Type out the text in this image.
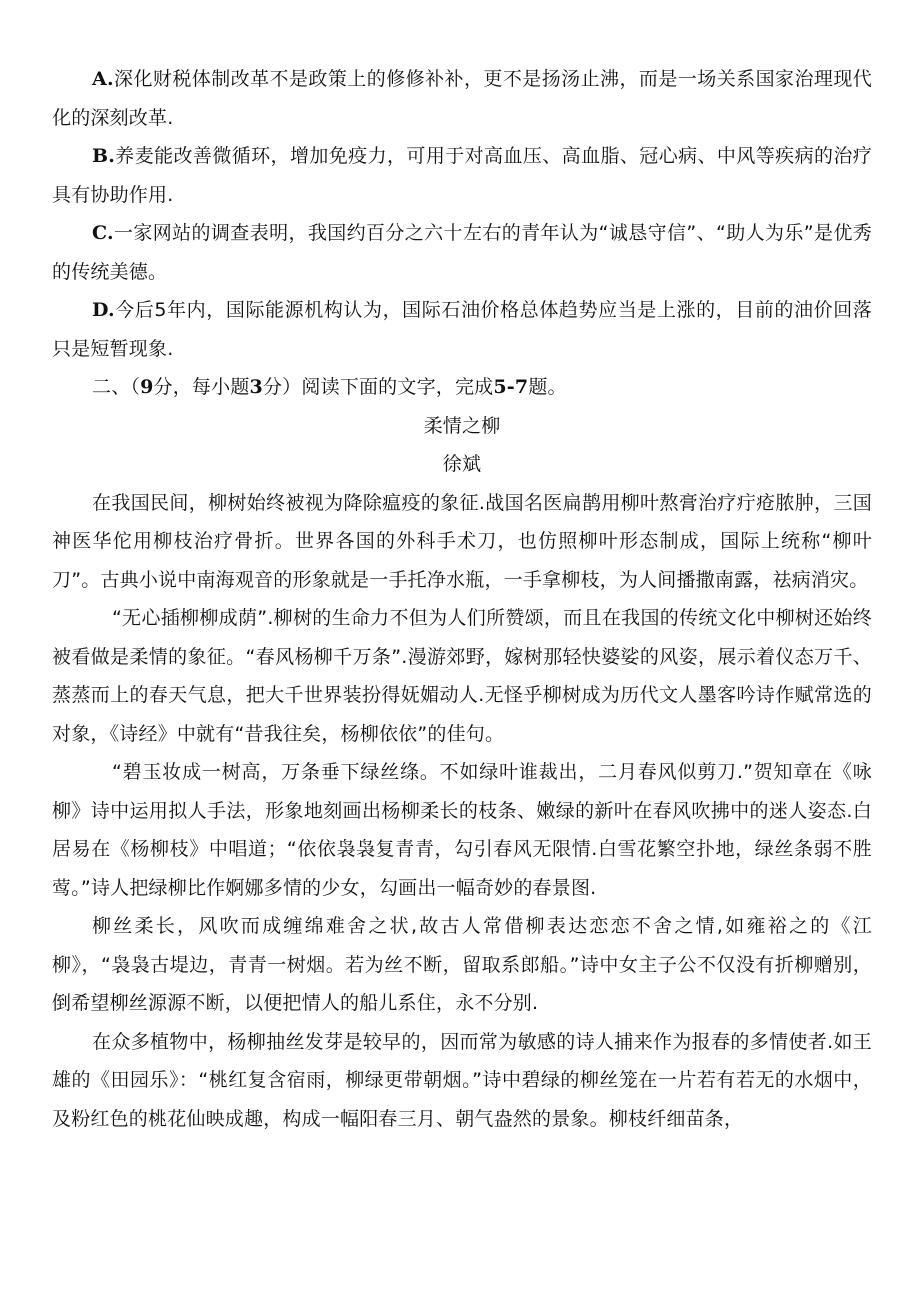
A.深化财税体制改革不是政策上的修修补补，更不是扬汤止沸，而是一场关系国家治理现代化的深刻改革.

B.养麦能改善微循环，增加免疫力，可用于对高血压、高血脂、冠心病、中风等疾病的治疗具有协助作用.

C.一家网站的调查表明，我国约百分之六十左右的青年认为“诚恳守信”、“助人为乐”是优秀的传统美德。

D.今后5年内，国际能源机构认为，国际石油价格总体趋势应当是上涨的，目前的油价回落只是短暂现象.

二、（9分，每小题3分）阅读下面的文字，完成5-7题。

柔情之柳

徐斌

在我国民间，柳树始终被视为降除瘟疫的象征.战国名医扁鹊用柳叶熬膏治疗疔疮脓肿，三国神医华佗用柳枝治疗骨折。世界各国的外科手术刀，也仿照柳叶形态制成，国际上统称“柳叶刀”。古典小说中南海观音的形象就是一手托净水瓶，一手拿柳枝，为人间播撒南露，祛病消灾。

“无心插柳柳成荫”.柳树的生命力不但为人们所赞颂，而且在我国的传统文化中柳树还始终被看做是柔情的象征。“春风杨柳千万条”.漫游郊野，嫁树那轻快婆娑的风姿，展示着仪态万千、蒸蒸而上的春天气息，把大千世界装扮得妩媚动人.无怪乎柳树成为历代文人墨客吟诗作赋常选的对象，《诗经》中就有“昔我往矣，杨柳依依”的佳句。

“碧玉妆成一树高，万条垂下绿丝绦。不如绿叶谁裁出，二月春风似剪刀.”贺知章在《咏柳》诗中运用拟人手法，形象地刻画出杨柳柔长的枝条、嫩绿的新叶在春风吹拂中的迷人姿态.白居易在《杨柳枝》中唱道；“依依袅袅复青青，勾引春风无限情.白雪花繁空扑地，绿丝条弱不胜莺。”诗人把绿柳比作婀娜多情的少女，勾画出一幅奇妙的春景图.

柳丝柔长，风吹而成缠绵难舍之状,故古人常借柳表达恋恋不舍之情,如雍裕之的《江柳》，“袅袅古堤边，青青一树烟。若为丝不断，留取系郎船。”诗中女主子公不仅没有折柳赠别，倒希望柳丝源源不断，以便把情人的船儿系住，永不分别.

在众多植物中，杨柳抽丝发芽是较早的，因而常为敏感的诗人捕来作为报春的多情使者.如王雄的《田园乐》：“桃红复含宿雨，柳绿更带朝烟。”诗中碧绿的柳丝笼在一片若有若无的水烟中，及粉红色的桃花仙映成趣，构成一幅阳春三月、朝气盎然的景象。柳枝纤细苗条，
